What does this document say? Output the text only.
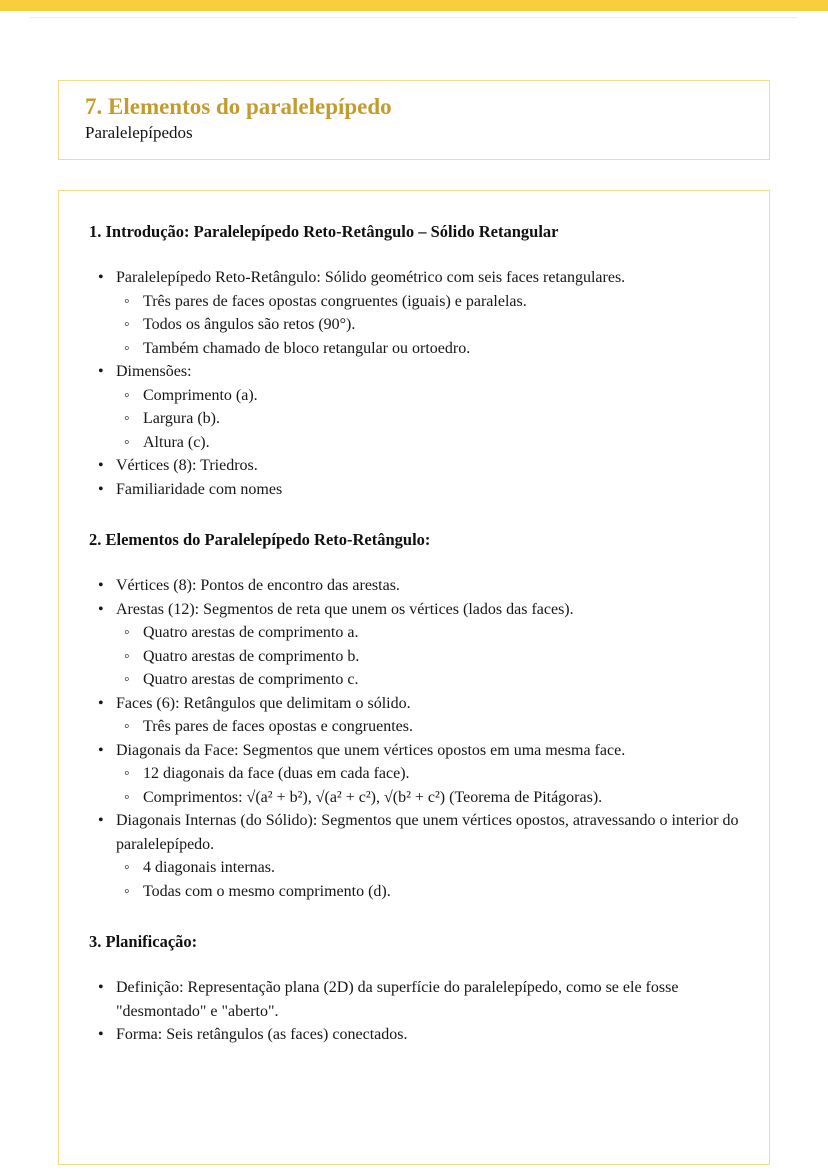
7. Elementos do paralelepípedo
Paralelepípedos
1. Introdução: Paralelepípedo Reto-Retângulo – Sólido Retangular
• Paralelepípedo Reto-Retângulo: Sólido geométrico com seis faces retangulares.
◦ Três pares de faces opostas congruentes (iguais) e paralelas.
◦ Todos os ângulos são retos (90°).
◦ Também chamado de bloco retangular ou ortoedro.
• Dimensões:
◦ Comprimento (a).
◦ Largura (b).
◦ Altura (c).
• Vértices (8): Triedros.
• Familiaridade com nomes
2. Elementos do Paralelepípedo Reto-Retângulo:
• Vértices (8): Pontos de encontro das arestas.
• Arestas (12): Segmentos de reta que unem os vértices (lados das faces).
◦ Quatro arestas de comprimento a.
◦ Quatro arestas de comprimento b.
◦ Quatro arestas de comprimento c.
• Faces (6): Retângulos que delimitam o sólido.
◦ Três pares de faces opostas e congruentes.
• Diagonais da Face: Segmentos que unem vértices opostos em uma mesma face.
◦ 12 diagonais da face (duas em cada face).
◦ Comprimentos: √(a² + b²), √(a² + c²), √(b² + c²) (Teorema de Pitágoras).
• Diagonais Internas (do Sólido): Segmentos que unem vértices opostos, atravessando o interior do paralelepípedo.
◦ 4 diagonais internas.
◦ Todas com o mesmo comprimento (d).
3. Planificação:
• Definição: Representação plana (2D) da superfície do paralelepípedo, como se ele fosse "desmontado" e "aberto".
• Forma: Seis retângulos (as faces) conectados.
